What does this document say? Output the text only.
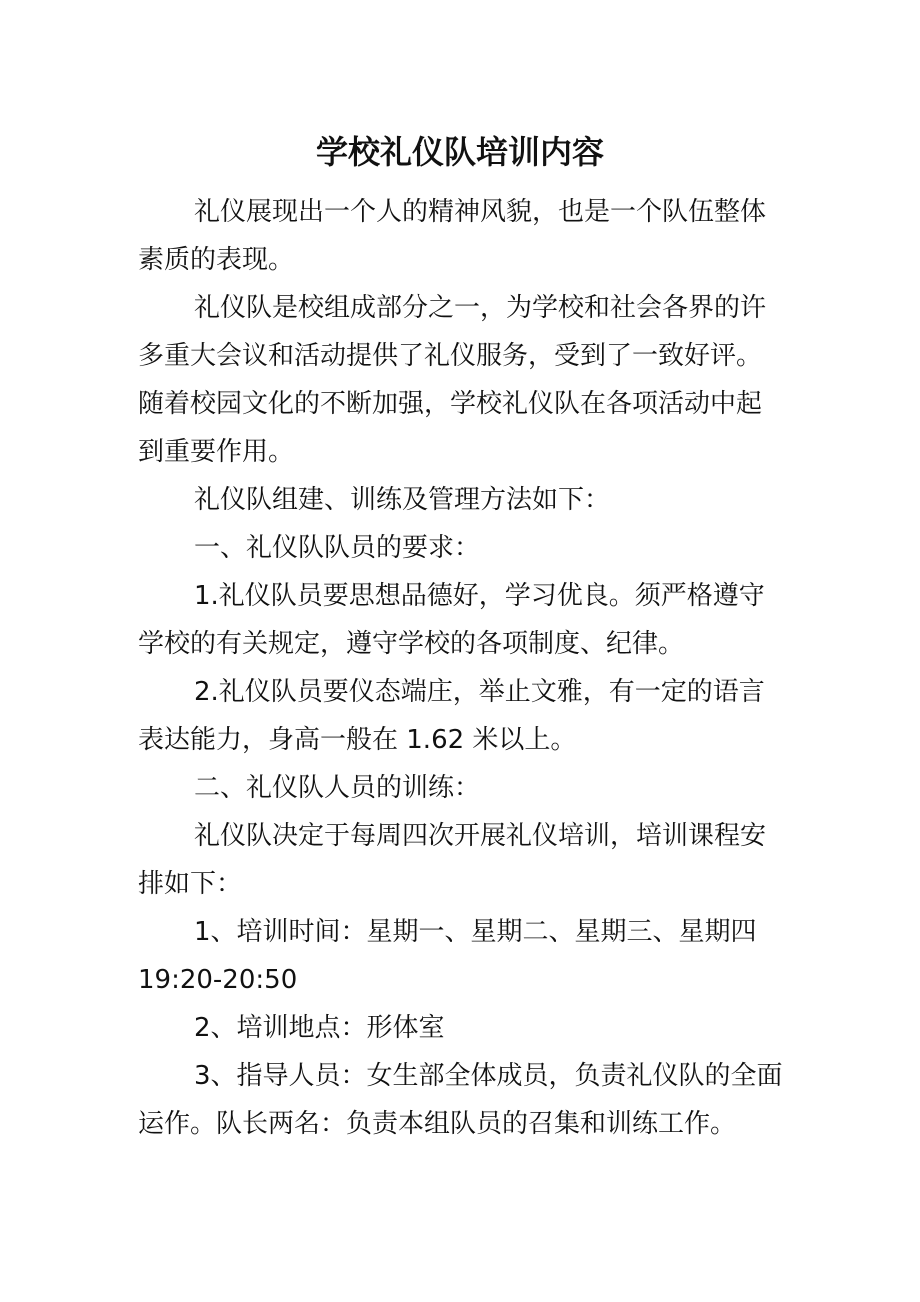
学校礼仪队培训内容

礼仪展现出一个人的精神风貌，也是一个队伍整体素质的表现。

礼仪队是校组成部分之一，为学校和社会各界的许多重大会议和活动提供了礼仪服务，受到了一致好评。随着校园文化的不断加强，学校礼仪队在各项活动中起到重要作用。

礼仪队组建、训练及管理方法如下：

一、礼仪队队员的要求：

1.礼仪队员要思想品德好，学习优良。须严格遵守学校的有关规定，遵守学校的各项制度、纪律。

2.礼仪队员要仪态端庄，举止文雅，有一定的语言表达能力，身高一般在 1.62 米以上。

二、礼仪队人员的训练：

礼仪队决定于每周四次开展礼仪培训，培训课程安排如下：

1、培训时间：星期一、星期二、星期三、星期四 19:20-20:50

2、培训地点：形体室

3、指导人员：女生部全体成员，负责礼仪队的全面运作。队长两名：负责本组队员的召集和训练工作。
